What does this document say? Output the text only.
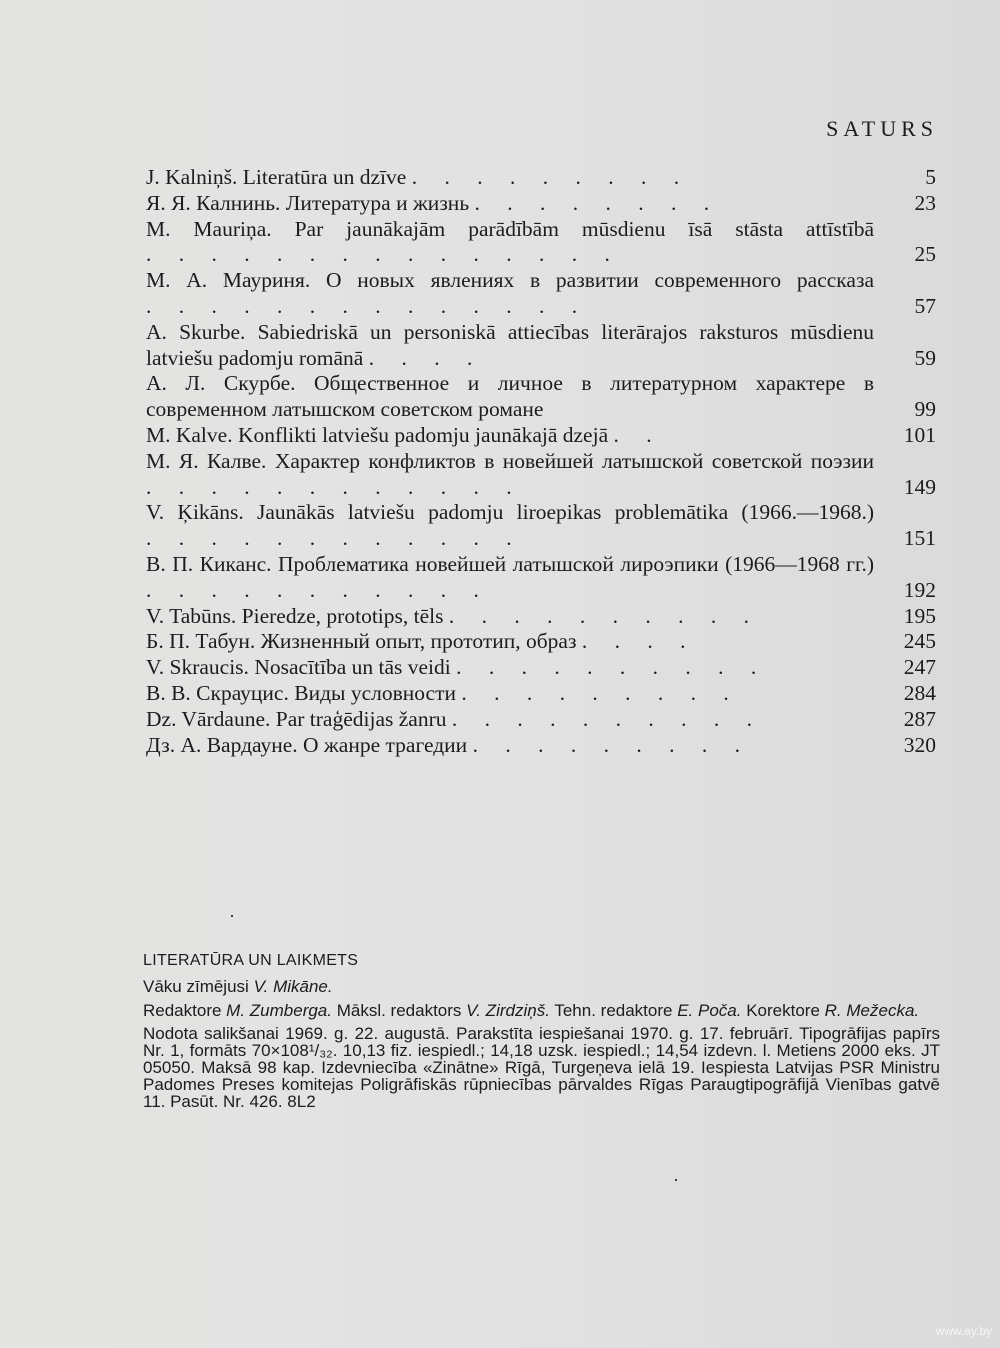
SATURS
J. Kalniņš. Literatūra un dzīve . . . . . . . . .	5
Я. Я. Калнинь. Литература и жизнь . . . . . . . .	23
M. Mauriņa. Par jaunākajām parādībām mūsdienu īsā stāsta attīstībā . . . . . . . . . . . . . . .	25
М. А. Мауриня. О новых явлениях в развитии современного рассказа . . . . . . . . . . . . . .	57
A. Skurbe. Sabiedriskā un personiskā attiecības literārajos raksturos mūsdienu latviešu padomju romānā . . . .	59
А. Л. Скурбе. Общественное и личное в литературном характере в современном латышском советском романе	99
M. Kalve. Konflikti latviešu padomju jaunākajā dzejā . .	101
М. Я. Калве. Характер конфликтов в новейшей латышской советской поэзии . . . . . . . . . . . .	149
V. Ķikāns. Jaunākās latviešu padomju liroepikas problemātika (1966.—1968.) . . . . . . . . . . . .	151
В. П. Киканс. Проблематика новейшей латышской лироэпики (1966—1968 гг.) . . . . . . . . . . .	192
V. Tabūns. Pieredze, prototips, tēls . . . . . . . . . .	195
Б. П. Табун. Жизненный опыт, прототип, образ . . . .	245
V. Skraucis. Nosacītība un tās veidi . . . . . . . . . .	247
В. В. Скрауцис. Виды условности . . . . . . . . .	284
Dz. Vārdaune. Par traģēdijas žanru . . . . . . . . . .	287
Дз. А. Вардауне. О жанре трагедии . . . . . . . . .	320
·
·
LITERATŪRA UN LAIKMETS

Vāku zīmējusi V. Mikāne.

Redaktore M. Zumberga. Māksl. redaktors V. Zirdziņš. Tehn. redaktore E. Poča. Korektore R. Mežecka.

Nodota salikšanai 1969. g. 22. augustā. Parakstīta iespiešanai 1970. g. 17. februārī. Tipogrāfijas papīrs Nr. 1, formāts 70×108¹/₃₂. 10,13 fiz. iespiedl.; 14,18 uzsk. iespiedl.; 14,54 izdevn. l. Metiens 2000 eks. JT 05050. Maksā 98 kap. Izdevniecība «Zinātne» Rīgā, Turgeņeva ielā 19. Iespiesta Latvijas PSR Ministru Padomes Preses komitejas Poligrāfiskās rūpniecības pārvaldes Rīgas Paraugtipogrāfijā Vienības gatvē 11. Pasūt. Nr. 426. 8L2

www.ay.by
